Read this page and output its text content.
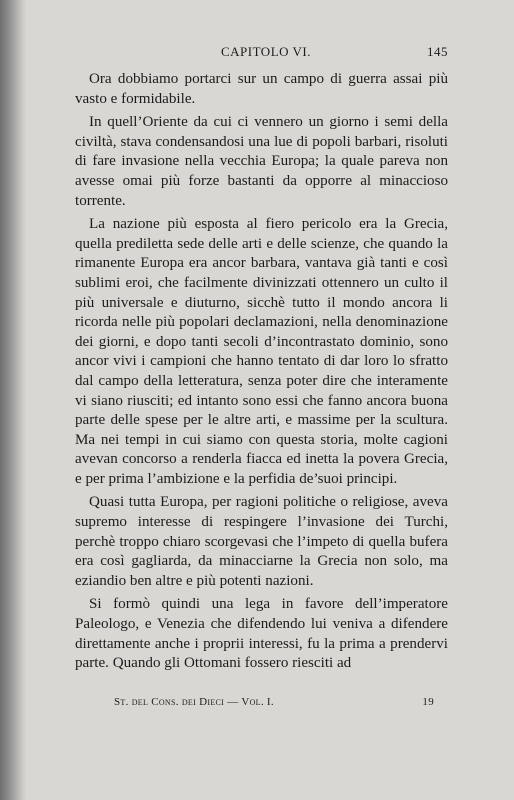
CAPITOLO VI.	145

Ora dobbiamo portarci sur un campo di guerra assai più vasto e formidabile.

In quell’Oriente da cui ci vennero un giorno i semi della civiltà, stava condensandosi una lue di popoli barbari, risoluti di fare invasione nella vecchia Europa; la quale pareva non avesse omai più forze bastanti da opporre al minaccioso torrente.

La nazione più esposta al fiero pericolo era la Grecia, quella prediletta sede delle arti e delle scienze, che quando la rimanente Europa era ancor barbara, vantava già tanti e così sublimi eroi, che facilmente divinizzati ottennero un culto il più universale e diuturno, sicchè tutto il mondo ancora li ricorda nelle più popolari declamazioni, nella denominazione dei giorni, e dopo tanti secoli d’incontrastato dominio, sono ancor vivi i campioni che hanno tentato di dar loro lo sfratto dal campo della letteratura, senza poter dire che interamente vi siano riusciti; ed intanto sono essi che fanno ancora buona parte delle spese per le altre arti, e massime per la scultura. Ma nei tempi in cui siamo con questa storia, molte cagioni avevan concorso a renderla fiacca ed inetta la povera Grecia, e per prima l’ambizione e la perfidia de’suoi principi.

Quasi tutta Europa, per ragioni politiche o religiose, aveva supremo interesse di respingere l’invasione dei Turchi, perchè troppo chiaro scorgevasi che l’impeto di quella bufera era così gagliarda, da minacciarne la Grecia non solo, ma eziandio ben altre e più potenti nazioni.

Si formò quindi una lega in favore dell’imperatore Paleologo, e Venezia che difendendo lui veniva a difendere direttamente anche i proprii interessi, fu la prima a prendervi parte. Quando gli Ottomani fossero riesciti ad

St. del Cons. dei Dieci — Vol. I.	19
